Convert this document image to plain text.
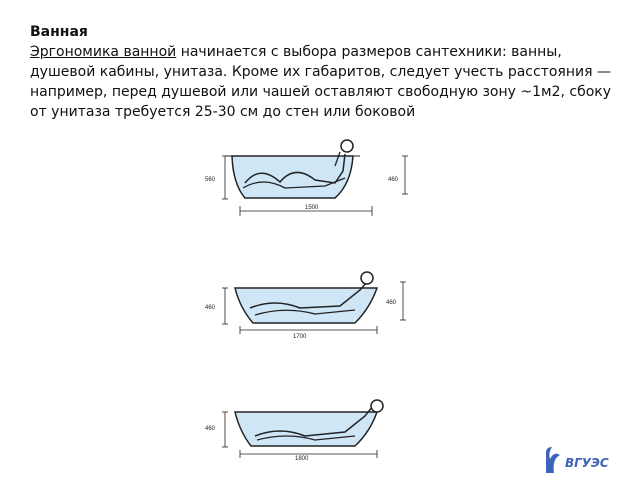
Ванная

Эргономика ванной начинается с выбора размеров сантехники: ванны, душевой кабины, унитаза. Кроме их габаритов, следует учесть расстояния — например, перед душевой или чашей оставляют свободную зону ~1м2, сбоку от унитаза требуется 25-30 см до стен или боковой

560	460
1500
460
460
1700
460
1800	ВГУЭС
